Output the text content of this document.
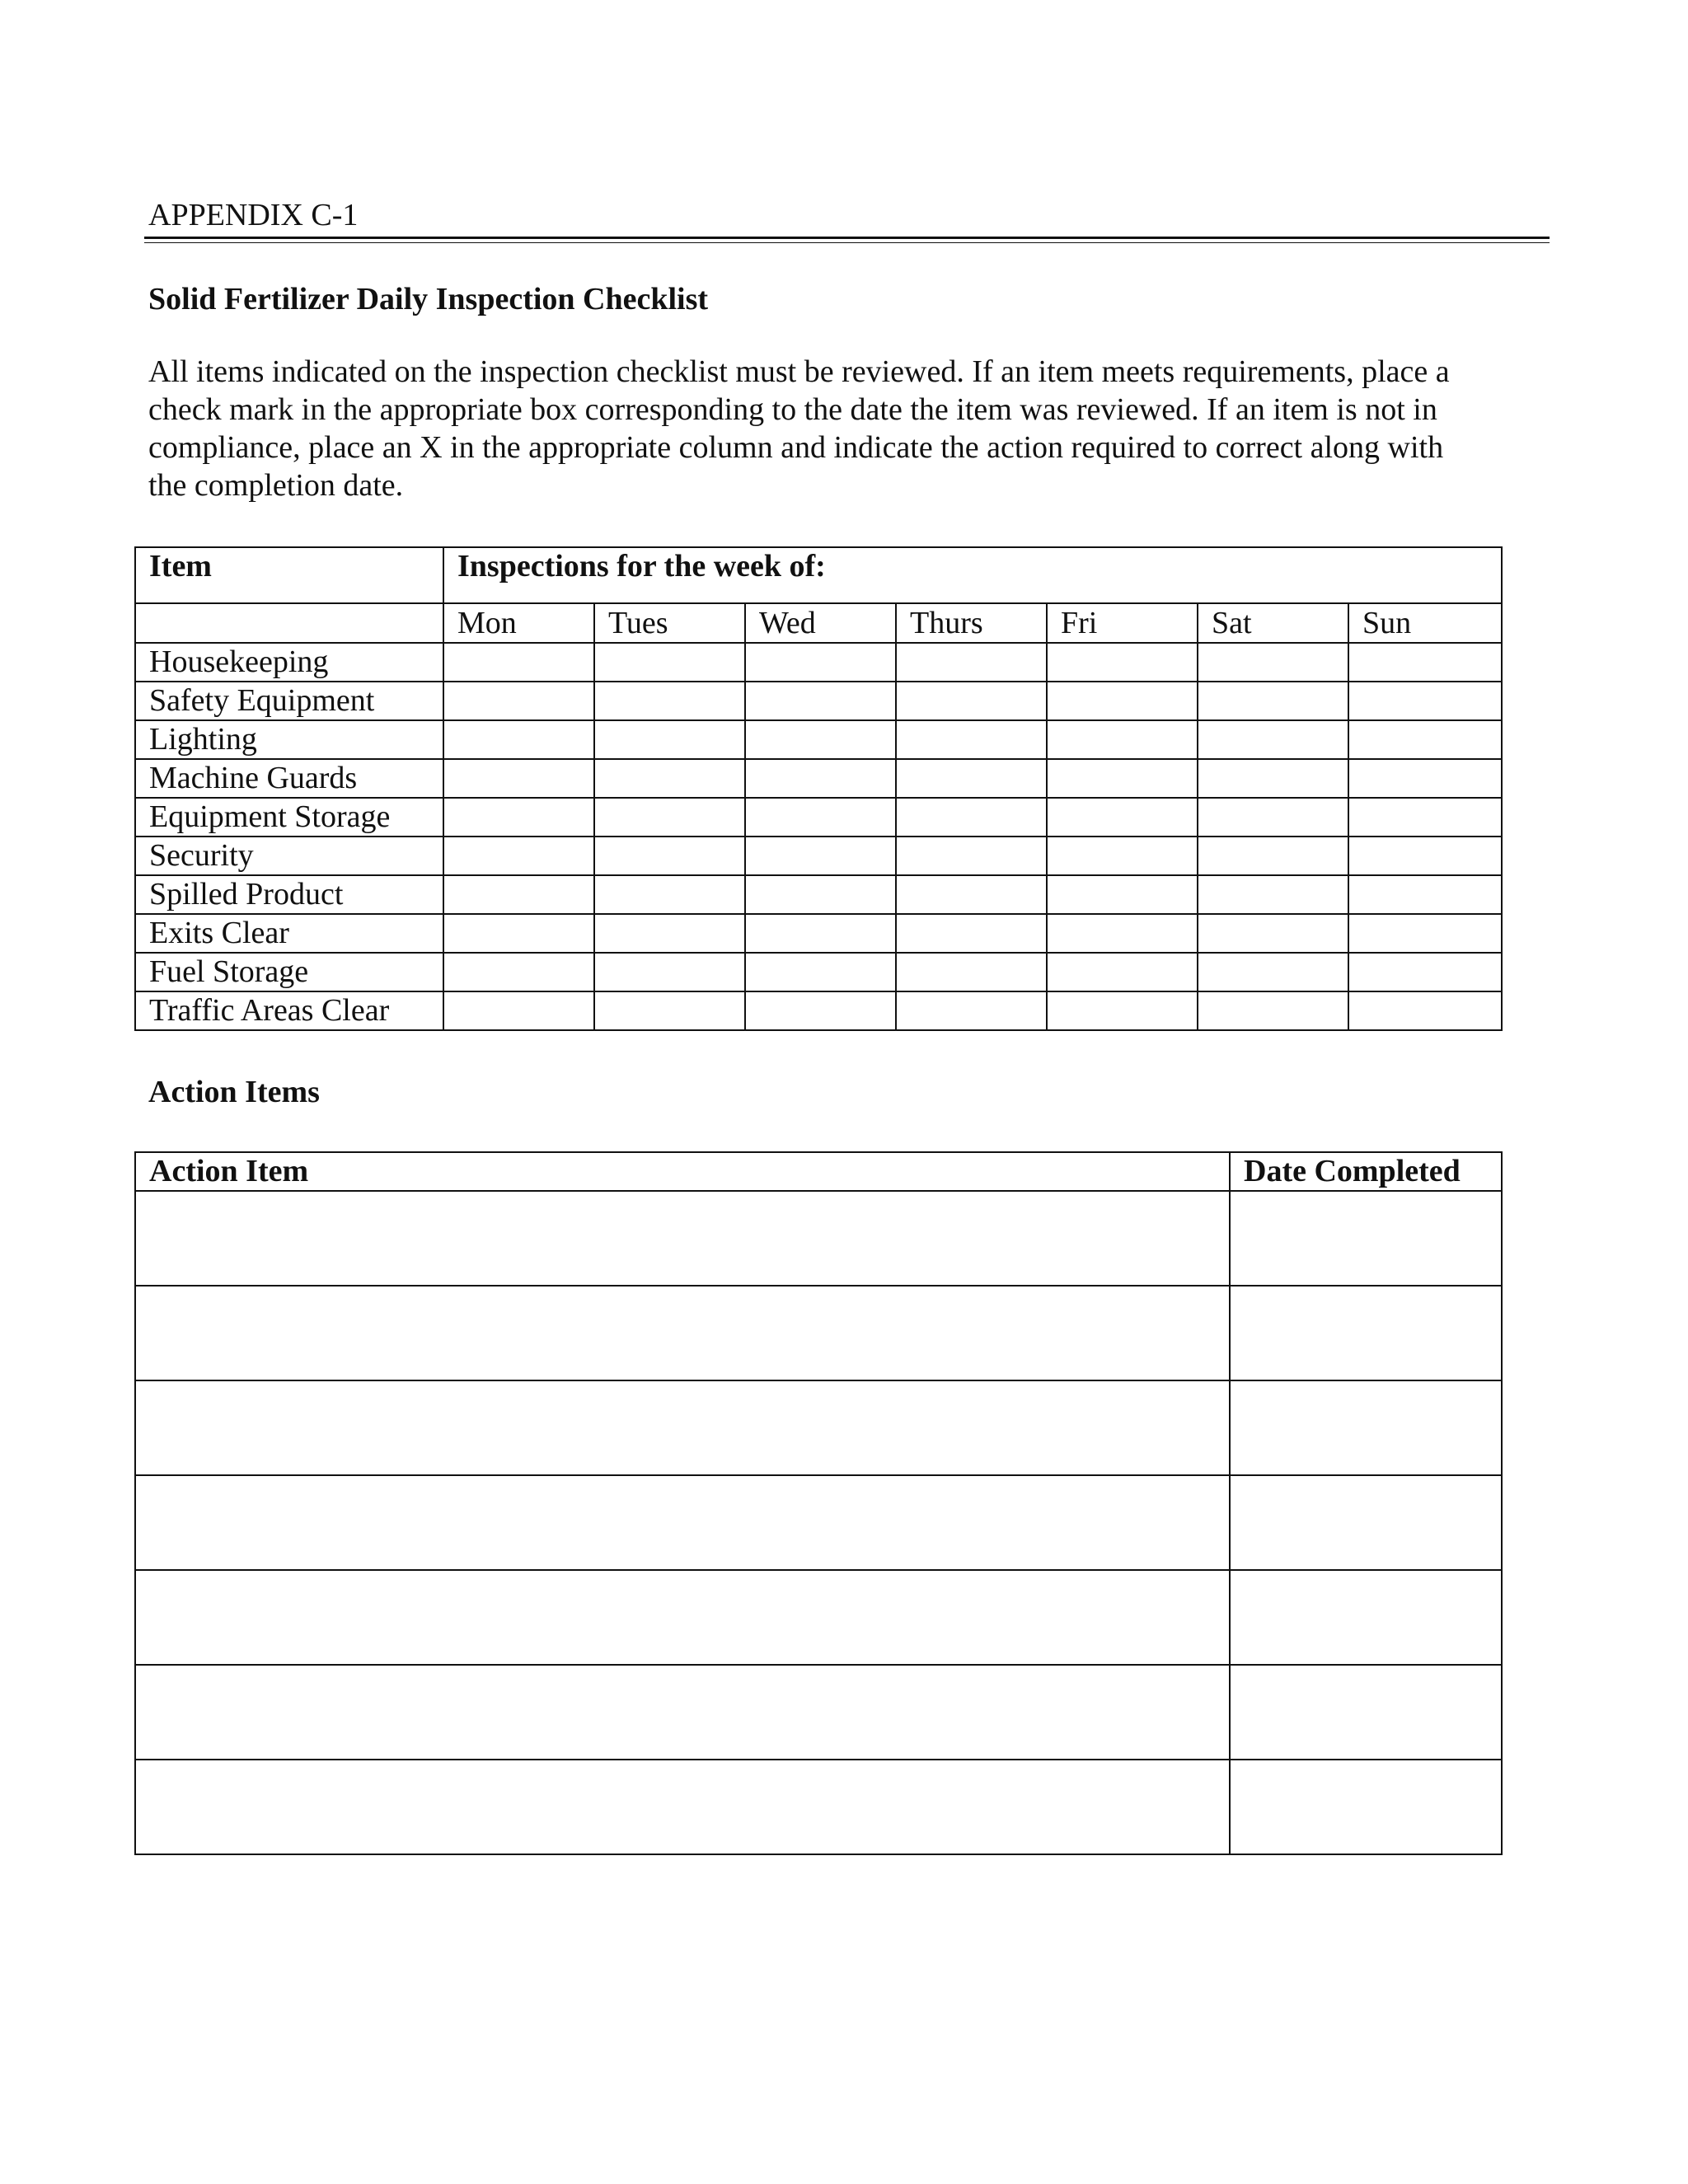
APPENDIX C-1
Solid Fertilizer Daily Inspection Checklist

All items indicated on the inspection checklist must be reviewed. If an item meets requirements, place a
check mark in the appropriate box corresponding to the date the item was reviewed. If an item is not in
compliance, place an X in the appropriate column and indicate the action required to correct along with
the completion date.

Item	Inspections for the week of:						
	Mon	Tues	Wed	Thurs	Fri	Sat	Sun
Housekeeping							
Safety Equipment							
Lighting							
Machine Guards							
Equipment Storage							
Security							
Spilled Product							
Exits Clear							
Fuel Storage							
Traffic Areas Clear							
Action Items
Action Item	Date Completed
